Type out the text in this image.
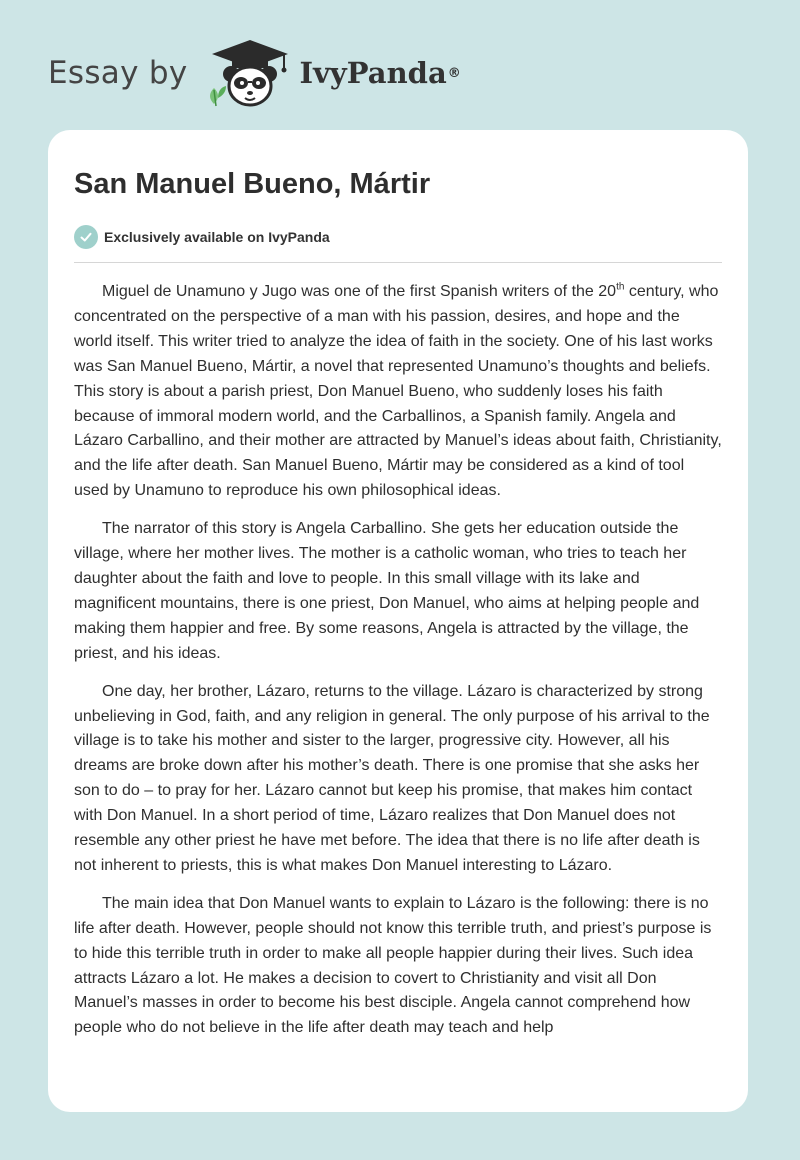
Essay by	IvyPanda ®
San Manuel Bueno, Mártir
Exclusively available on IvyPanda

Miguel de Unamuno y Jugo was one of the first Spanish writers of the 20th century, who concentrated on the perspective of a man with his passion, desires, and hope and the world itself. This writer tried to analyze the idea of faith in the society. One of his last works was San Manuel Bueno, Mártir, a novel that represented Unamuno’s thoughts and beliefs. This story is about a parish priest, Don Manuel Bueno, who suddenly loses his faith because of immoral modern world, and the Carballinos, a Spanish family. Angela and Lázaro Carballino, and their mother are attracted by Manuel’s ideas about faith, Christianity, and the life after death. San Manuel Bueno, Mártir may be considered as a kind of tool used by Unamuno to reproduce his own philosophical ideas.

The narrator of this story is Angela Carballino. She gets her education outside the village, where her mother lives. The mother is a catholic woman, who tries to teach her daughter about the faith and love to people. In this small village with its lake and magnificent mountains, there is one priest, Don Manuel, who aims at helping people and making them happier and free. By some reasons, Angela is attracted by the village, the priest, and his ideas.

One day, her brother, Lázaro, returns to the village. Lázaro is characterized by strong unbelieving in God, faith, and any religion in general. The only purpose of his arrival to the village is to take his mother and sister to the larger, progressive city. However, all his dreams are broke down after his mother’s death. There is one promise that she asks her son to do – to pray for her. Lázaro cannot but keep his promise, that makes him contact with Don Manuel. In a short period of time, Lázaro realizes that Don Manuel does not resemble any other priest he have met before. The idea that there is no life after death is not inherent to priests, this is what makes Don Manuel interesting to Lázaro.

The main idea that Don Manuel wants to explain to Lázaro is the following: there is no life after death. However, people should not know this terrible truth, and priest’s purpose is to hide this terrible truth in order to make all people happier during their lives. Such idea attracts Lázaro a lot. He makes a decision to covert to Christianity and visit all Don Manuel’s masses in order to become his best disciple. Angela cannot comprehend how people who do not believe in the life after death may teach and help
